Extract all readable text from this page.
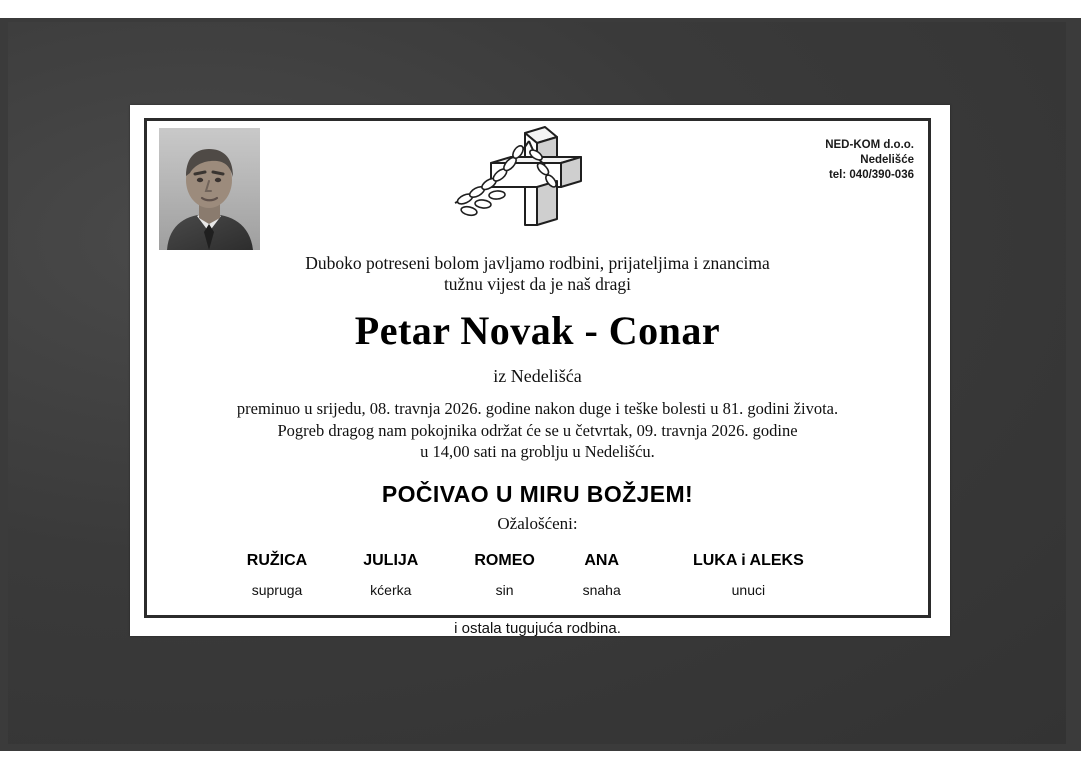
NED-KOM d.o.o.
Nedelišće
tel: 040/390-036
Duboko potreseni bolom javljamo rodbini, prijateljima i znancima
tužnu vijest da je naš dragi
Petar Novak - Conar
iz Nedelišća
preminuo u srijedu, 08. travnja 2026. godine nakon duge i teške bolesti u 81. godini života.
Pogreb dragog nam pokojnika održat će se u četvrtak, 09. travnja 2026. godine
u 14,00 sati na groblju u Nedelišću.
POČIVAO U MIRU BOŽJEM!
Ožalošćeni:
RUŽICA	JULIJA	ROMEO	ANA	LUKA i ALEKS
supruga	kćerka	sin	snaha	unuci
i ostala tugujuća rodbina.
